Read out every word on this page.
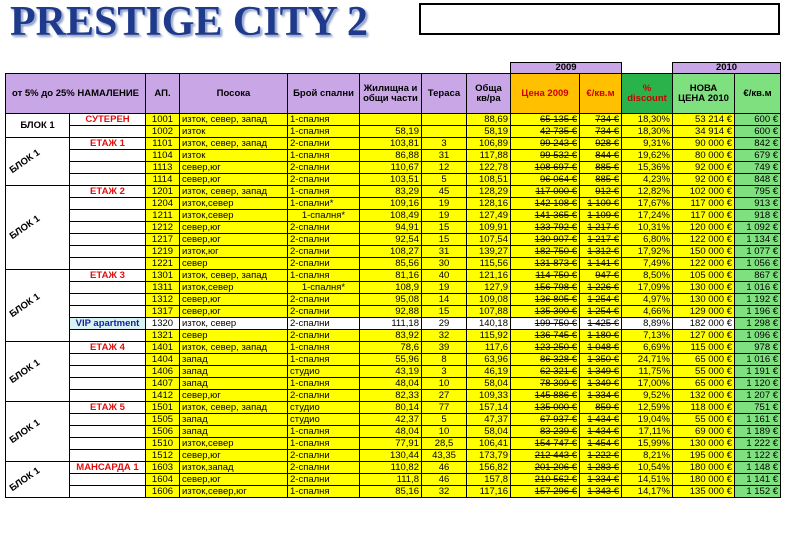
PRESTIGE CITY 2
								2009			2010	
от 5% до 25% НАМАЛЕНИЕ		АП.	Посока	Брой спални	Жилищна и общи части	Тераса	Обща кв/ра	Цена 2009	€/кв.м	% discount	НОВА ЦЕНА 2010	€/кв.м
БЛОК 1	СУТЕРЕН	1001	изток, север, запад	1-спалня			88,69	65 135 €	734 €	18,30%	53 214 €	600 €
		1002	изток	1-спалня	58,19		58,19	42 735 €	734 €	18,30%	34 914 €	600 €

БЛОК 1	ЕТАЖ 1	1101	изток, север, запад	2-спални	103,81	3	106,89	99 243 €	928 €	9,31%	90 000 €	842 €
		1104	изток	1-спалня	86,88	31	117,88	99 532 €	844 €	19,62%	80 000 €	679 €
		1113	север,юг	2-спални	110,67	12	122,78	108 697 €	885 €	15,36%	92 000 €	749 €
		1114	север,юг	2-спални	103,51	5	108,51	96 064 €	885 €	4,23%	92 000 €	848 €

БЛОК 1	ЕТАЖ 2	1201	изток, север, запад	1-спалня	83,29	45	128,29	117 000 €	912 €	12,82%	102 000 €	795 €
		1204	изток,север	1-спални*	109,16	19	128,16	142 108 €	1 109 €	17,67%	117 000 €	913 €
		1211	изток,север	1-спалня*	108,49	19	127,49	141 365 €	1 109 €	17,24%	117 000 €	918 €
		1212	север,юг	2-спални	94,91	15	109,91	133 792 €	1 217 €	10,31%	120 000 €	1 092 €
		1217	север,юг	2-спални	92,54	15	107,54	130 907 €	1 217 €	6,80%	122 000 €	1 134 €
		1219	изток,юг	2-спални	108,27	31	139,27	182 750 €	1 312 €	17,92%	150 000 €	1 077 €
		1221	север	2-спални	85,56	30	115,56	131 873 €	1 141 €	7,49%	122 000 €	1 056 €

БЛОК 1	ЕТАЖ 3	1301	изток, север, запад	1-спалня	81,16	40	121,16	114 750 €	947 €	8,50%	105 000 €	867 €
		1311	изток,север	1-спалня*	108,9	19	127,9	156 798 €	1 226 €	17,09%	130 000 €	1 016 €
		1312	север,юг	2-спални	95,08	14	109,08	136 805 €	1 254 €	4,97%	130 000 €	1 192 €
		1317	север,юг	2-спални	92,88	15	107,88	135 300 €	1 254 €	4,66%	129 000 €	1 196 €
	VIP apartment	1320	изток, север	2-спални	111,18	29	140,18	199 750 €	1 425 €	8,89%	182 000 €	1 298 €
		1321	север	2-спални	83,92	32	115,92	136 745 €	1 180 €	7,13%	127 000 €	1 096 €

БЛОК 1	ЕТАЖ 4	1401	изток, север, запад	1-спалня	78,6	39	117,6	123 250 €	1 048 €	6,69%	115 000 €	978 €
		1404	запад	1-спалня	55,96	8	63,96	86 328 €	1 350 €	24,71%	65 000 €	1 016 €
		1406	запад	студио	43,19	3	46,19	62 321 €	1 349 €	11,75%	55 000 €	1 191 €
		1407	запад	1-спалня	48,04	10	58,04	78 309 €	1 349 €	17,00%	65 000 €	1 120 €
		1412	север,юг	2-спални	82,33	27	109,33	145 886 €	1 334 €	9,52%	132 000 €	1 207 €

БЛОК 1	ЕТАЖ 5	1501	изток, север, запад	студио	80,14	77	157,14	135 000 €	859 €	12,59%	118 000 €	751 €
		1505	запад	студио	42,37	5	47,37	67 937 €	1 434 €	19,04%	55 000 €	1 161 €
		1506	запад	1-спалня	48,04	10	58,04	83 239 €	1 434 €	17,11%	69 000 €	1 189 €
		1510	изток,север	1-спалня	77,91	28,5	106,41	154 747 €	1 454 €	15,99%	130 000 €	1 222 €
		1512	север,юг	2-спални	130,44	43,35	173,79	212 443 €	1 222 €	8,21%	195 000 €	1 122 €

БЛОК 1	МАНСАРДА 1	1603	изток,запад	2-спални	110,82	46	156,82	201 206 €	1 283 €	10,54%	180 000 €	1 148 €
		1604	север,юг	2-спални	111,8	46	157,8	210 562 €	1 334 €	14,51%	180 000 €	1 141 €
		1606	изток,север,юг	1-спалня	85,16	32	117,16	157 296 €	1 343 €	14,17%	135 000 €	1 152 €
